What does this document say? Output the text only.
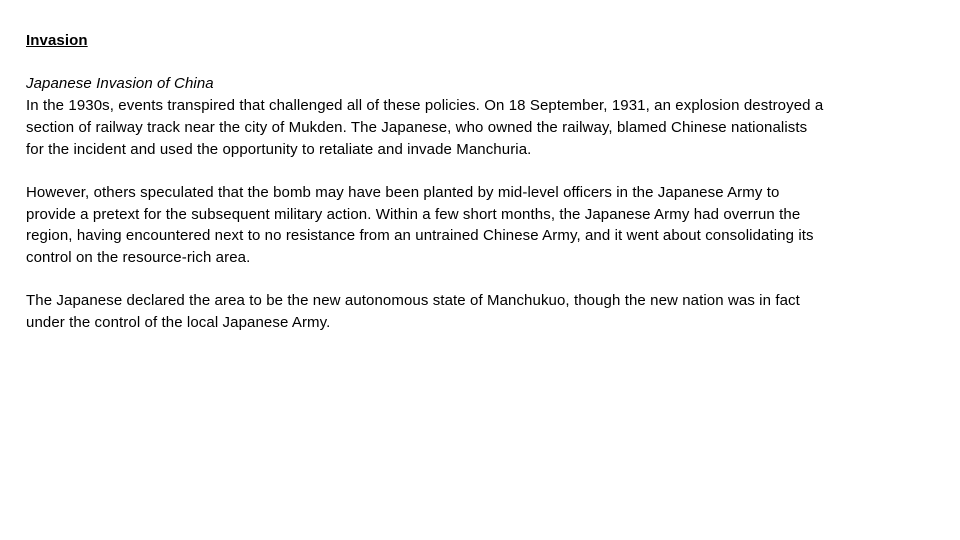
Invasion

Japanese Invasion of China

In the 1930s, events transpired that challenged all of these policies. On 18 September, 1931, an explosion destroyed a section of railway track near the city of Mukden. The Japanese, who owned the railway, blamed Chinese nationalists for the incident and used the opportunity to retaliate and invade Manchuria.

However, others speculated that the bomb may have been planted by mid-level officers in the Japanese Army to provide a pretext for the subsequent military action. Within a few short months, the Japanese Army had overrun the region, having encountered next to no resistance from an untrained Chinese Army, and it went about consolidating its control on the resource-rich area.

The Japanese declared the area to be the new autonomous state of Manchukuo, though the new nation was in fact under the control of the local Japanese Army.
